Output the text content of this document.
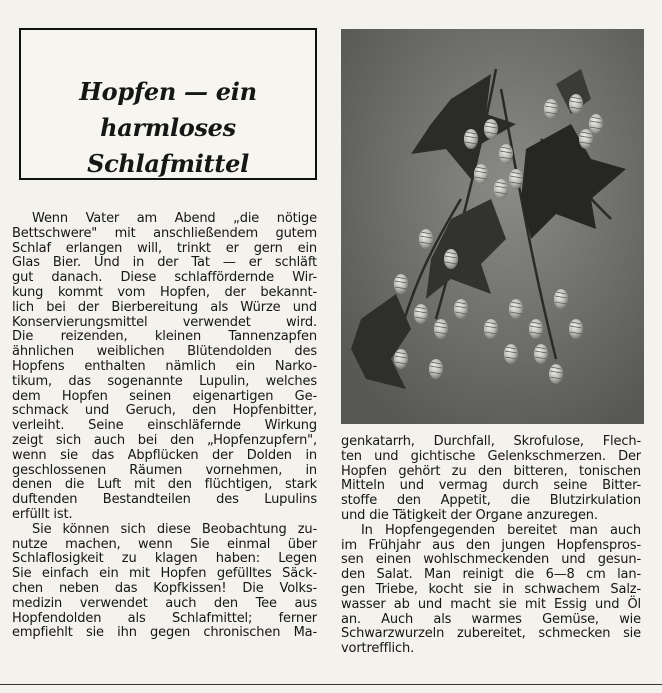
Hopfen — ein harmloses
Schlafmittel
Wenn Vater am Abend „die nötige
Bettschwere" mit anschließendem gutem
Schlaf erlangen will, trinkt er gern ein
Glas Bier. Und in der Tat — er schläft
gut danach. Diese schlaffördernde Wir-
kung kommt vom Hopfen, der bekannt-
lich bei der Bierbereitung als Würze und
Konservierungsmittel verwendet wird.
Die reizenden, kleinen Tannenzapfen
ähnlichen weiblichen Blütendolden des
Hopfens enthalten nämlich ein Narko-
tikum, das sogenannte Lupulin, welches
dem Hopfen seinen eigenartigen Ge-
schmack und Geruch, den Hopfenbitter,
verleiht. Seine einschläfernde Wirkung
zeigt sich auch bei den „Hopfenzupfern",
wenn sie das Abpflücken der Dolden in
geschlossenen Räumen vornehmen, in
denen die Luft mit den flüchtigen, stark
duftenden Bestandteilen des Lupulins
erfüllt ist.
Sie können sich diese Beobachtung zu-
nutze machen, wenn Sie einmal über
Schlaflosigkeit zu klagen haben: Legen
Sie einfach ein mit Hopfen gefülltes Säck-
chen neben das Kopfkissen! Die Volks-
medizin verwendet auch den Tee aus
Hopfendolden als Schlafmittel; ferner
empfiehlt sie ihn gegen chronischen Ma-
genkatarrh, Durchfall, Skrofulose, Flech-
ten und gichtische Gelenkschmerzen. Der
Hopfen gehört zu den bitteren, tonischen
Mitteln und vermag durch seine Bitter-
stoffe den Appetit, die Blutzirkulation
und die Tätigkeit der Organe anzuregen.
In Hopfengegenden bereitet man auch
im Frühjahr aus den jungen Hopfenspros-
sen einen wohlschmeckenden und gesun-
den Salat. Man reinigt die 6—8 cm lan-
gen Triebe, kocht sie in schwachem Salz-
wasser ab und macht sie mit Essig und Öl
an. Auch als warmes Gemüse, wie
Schwarzwurzeln zubereitet, schmecken sie
vortrefflich.
